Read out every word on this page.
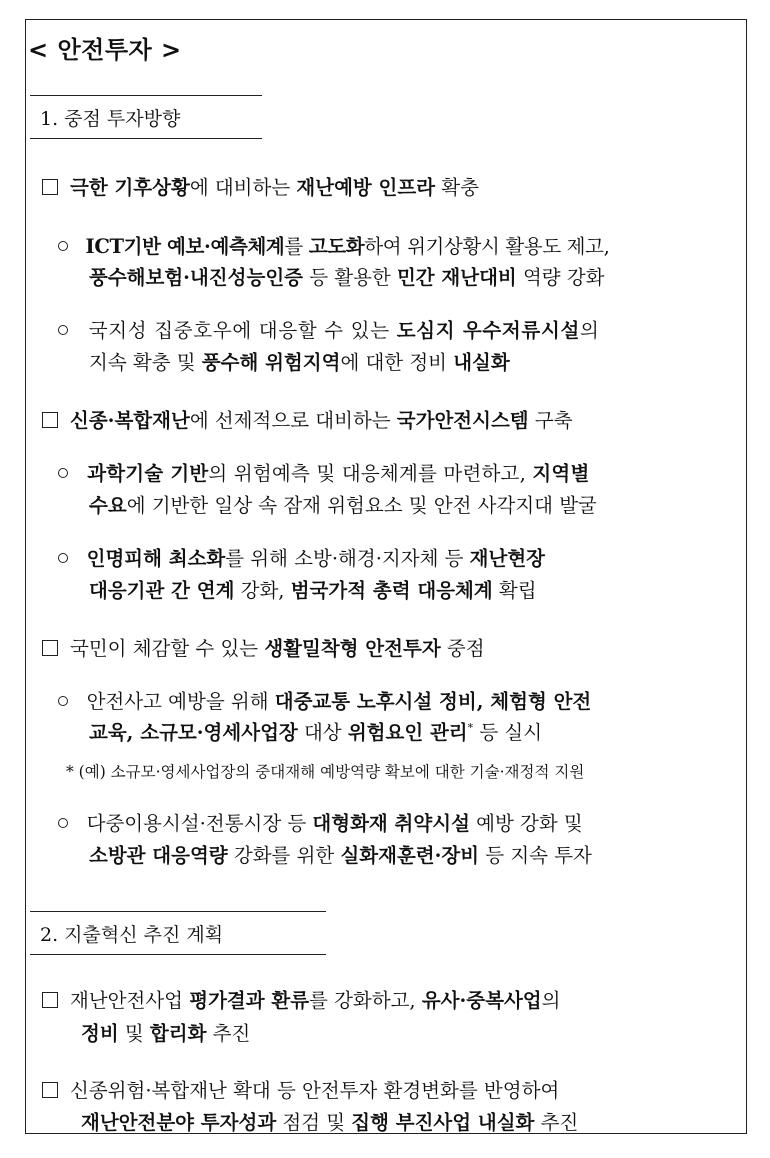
< 안전투자 >
1. 중점 투자방향
극한 기후상황에 대비하는 재난예방 인프라 확충
ICT기반 예보·예측체계를 고도화하여 위기상황시 활용도 제고,
풍수해보험·내진성능인증 등 활용한 민간 재난대비 역량 강화
국지성 집중호우에 대응할 수 있는 도심지 우수저류시설의
지속 확충 및 풍수해 위험지역에 대한 정비 내실화
신종·복합재난에 선제적으로 대비하는 국가안전시스템 구축
과학기술 기반의 위험예측 및 대응체계를 마련하고, 지역별
수요에 기반한 일상 속 잠재 위험요소 및 안전 사각지대 발굴
인명피해 최소화를 위해 소방·해경·지자체 등 재난현장
대응기관 간 연계 강화, 범국가적 총력 대응체계 확립
국민이 체감할 수 있는 생활밀착형 안전투자 중점
안전사고 예방을 위해 대중교통 노후시설 정비, 체험형 안전
교육, 소규모·영세사업장 대상 위험요인 관리* 등 실시
* (예) 소규모·영세사업장의 중대재해 예방역량 확보에 대한 기술·재정적 지원
다중이용시설·전통시장 등 대형화재 취약시설 예방 강화 및
소방관 대응역량 강화를 위한 실화재훈련·장비 등 지속 투자
2. 지출혁신 추진 계획
재난안전사업 평가결과 환류를 강화하고, 유사·중복사업의
정비 및 합리화 추진
신종위험·복합재난 확대 등 안전투자 환경변화를 반영하여
재난안전분야 투자성과 점검 및 집행 부진사업 내실화 추진
